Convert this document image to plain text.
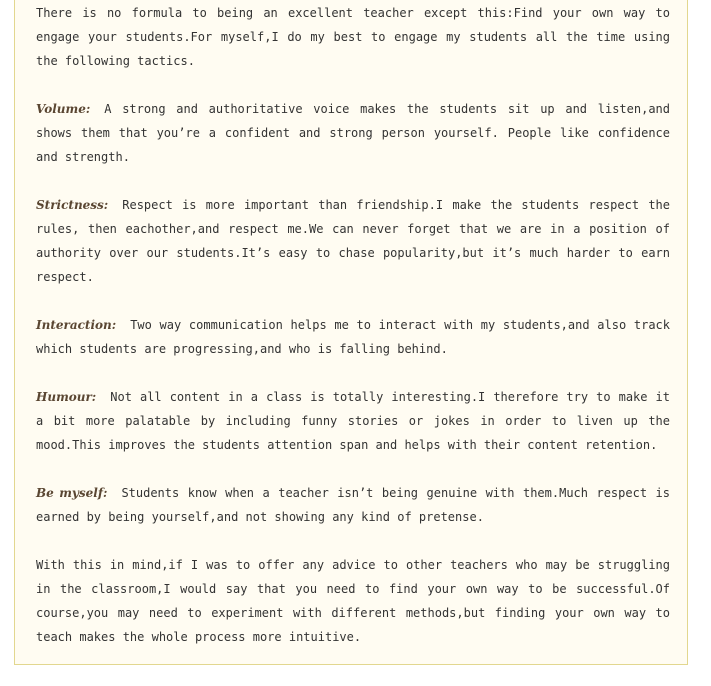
There is no formula to being an excellent teacher except this:Find your own way to engage your students.For myself,I do my best to engage my students all the time using the following tactics.

Volume: A strong and authoritative voice makes the students sit up and listen,and shows them that you’re a confident and strong person yourself. People like confidence and strength.

Strictness: Respect is more important than friendship.I make the students respect the rules, then eachother,and respect me.We can never forget that we are in a position of authority over our students.It’s easy to chase popularity,but it’s much harder to earn respect.

Interaction: Two way communication helps me to interact with my students,and also track which students are progressing,and who is falling behind.

Humour: Not all content in a class is totally interesting.I therefore try to make it a bit more palatable by including funny stories or jokes in order to liven up the mood.This improves the students attention span and helps with their content retention.

Be myself: Students know when a teacher isn’t being genuine with them.Much respect is earned by being yourself,and not showing any kind of pretense.

With this in mind,if I was to offer any advice to other teachers who may be struggling in the classroom,I would say that you need to find your own way to be successful.Of course,you may need to experiment with different methods,but finding your own way to teach makes the whole process more intuitive.
